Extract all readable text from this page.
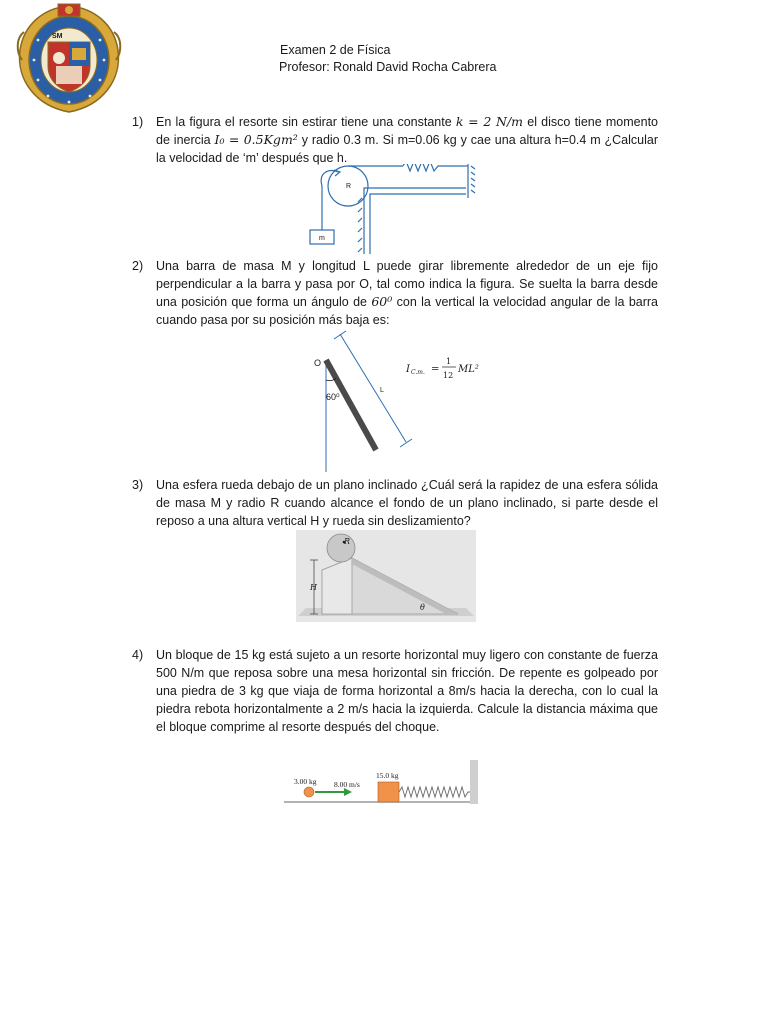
SM
Examen 2 de Física
Profesor: Ronald David Rocha Cabrera
1) En la figura el resorte sin estirar tiene una constante k = 2 N/m el disco tiene momento de inercia I₀ = 0.5Kgm² y radio 0.3 m. Si m=0.06 kg y cae una altura h=0.4 m ¿Calcular la velocidad de ‘m’ después que h.
R
m
2) Una barra de masa M y longitud L puede girar libremente alrededor de un eje fijo perpendicular a la barra y pasa por O, tal como indica la figura. Se suelta la barra desde una posición que forma un ángulo de 60⁰ con la vertical la velocidad angular de la barra cuando pasa por su posición más baja es:
O
L
60⁰
I C.m. =
1
12
ML²
3) Una esfera rueda debajo de un plano inclinado ¿Cuál será la rapidez de una esfera sólida de masa M y radio R cuando alcance el fondo de un plano inclinado, si parte desde el reposo a una altura vertical H y rueda sin deslizamiento?
R
H
θ
4) Un bloque de 15 kg está sujeto a un resorte horizontal muy ligero con constante de fuerza 500 N/m que reposa sobre una mesa horizontal sin fricción. De repente es golpeado por una piedra de 3 kg que viaja de forma horizontal a 8m/s hacia la derecha, con lo cual la piedra rebota horizontalmente a 2 m/s hacia la izquierda. Calcule la distancia máxima que el bloque comprime al resorte después del choque.
3.00 kg 8.00 m/s
15.0 kg
